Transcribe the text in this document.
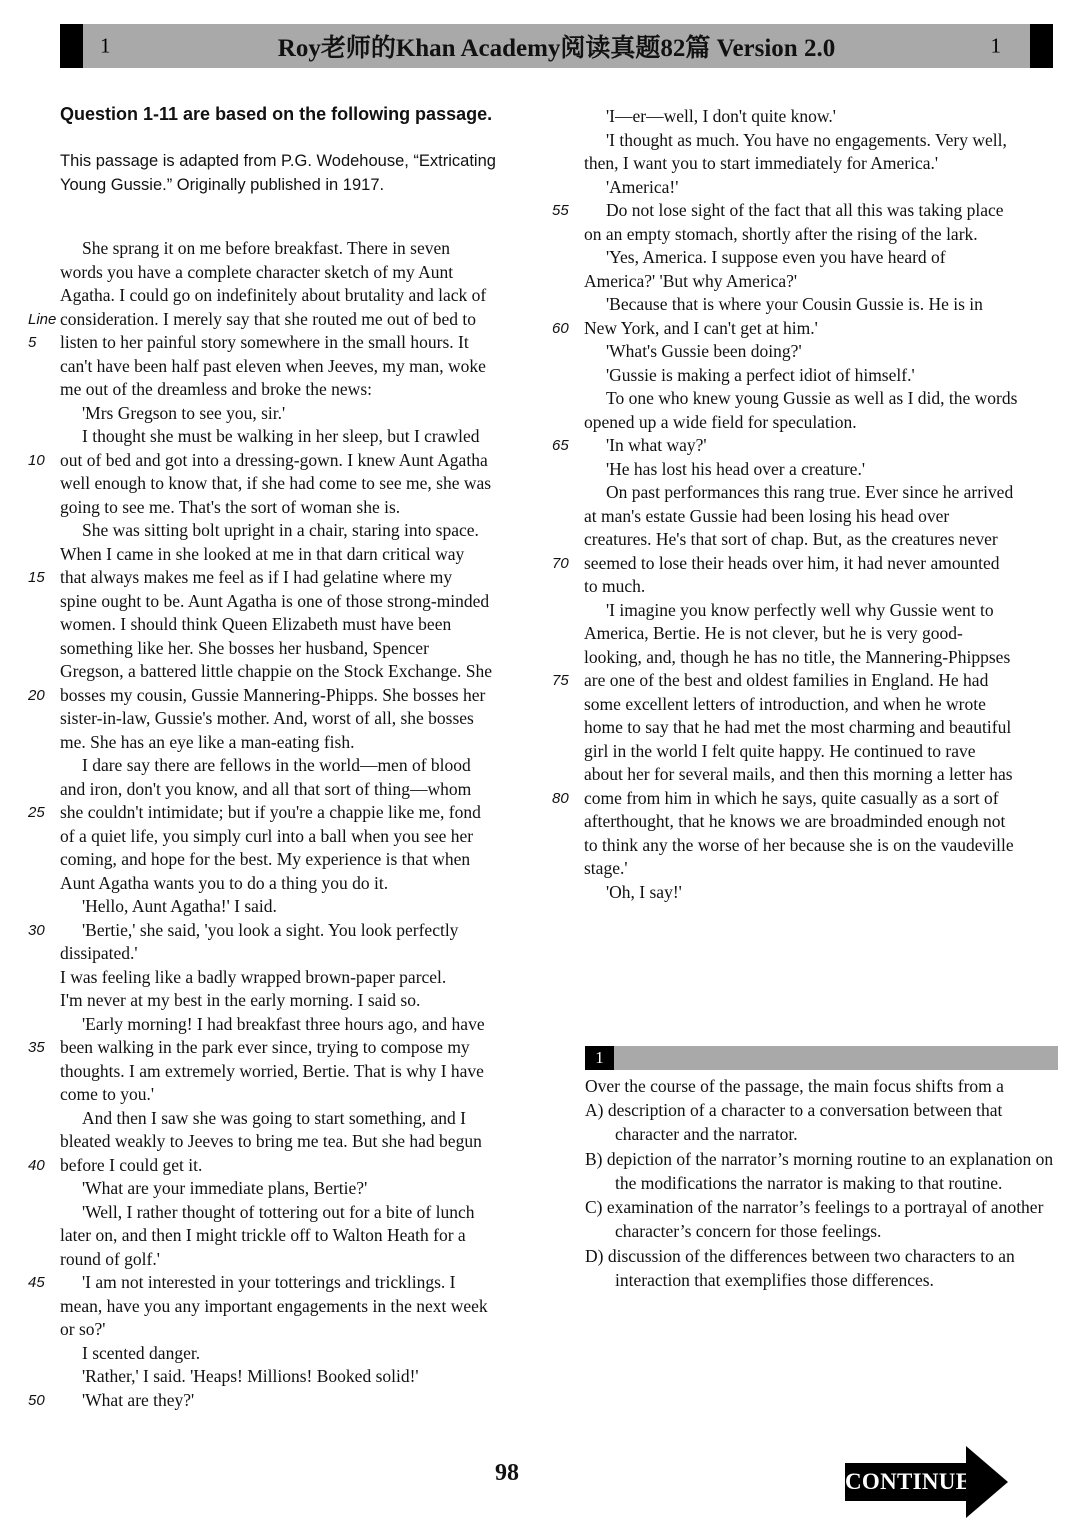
1	Roy老师的Khan Academy阅读真题82篇 Version 2.0	1
Question 1-11 are based on the following passage.
This passage is adapted from P.G. Wodehouse, “Extricating Young Gussie.” Originally published in 1917.
She sprang it on me before breakfast. There in seven
words you have a complete character sketch of my Aunt
Agatha. I could go on indefinitely about brutality and lack of
Line consideration. I merely say that she routed me out of bed to
5	listen to her painful story somewhere in the small hours. It
can't have been half past eleven when Jeeves, my man, woke
me out of the dreamless and broke the news:
'Mrs Gregson to see you, sir.'
I thought she must be walking in her sleep, but I crawled
10 out of bed and got into a dressing-gown. I knew Aunt Agatha
well enough to know that, if she had come to see me, she was
going to see me. That's the sort of woman she is.
She was sitting bolt upright in a chair, staring into space.
When I came in she looked at me in that darn critical way
15 that always makes me feel as if I had gelatine where my
spine ought to be. Aunt Agatha is one of those strong-minded
women. I should think Queen Elizabeth must have been
something like her. She bosses her husband, Spencer
Gregson, a battered little chappie on the Stock Exchange. She
20 bosses my cousin, Gussie Mannering-Phipps. She bosses her
sister-in-law, Gussie's mother. And, worst of all, she bosses
me. She has an eye like a man-eating fish.
I dare say there are fellows in the world—men of blood
and iron, don't you know, and all that sort of thing—whom
25 she couldn't intimidate; but if you're a chappie like me, fond
of a quiet life, you simply curl into a ball when you see her
coming, and hope for the best. My experience is that when
Aunt Agatha wants you to do a thing you do it.
'Hello, Aunt Agatha!' I said.
30	'Bertie,' she said, 'you look a sight. You look perfectly
dissipated.'
I was feeling like a badly wrapped brown-paper parcel.
I'm never at my best in the early morning. I said so.
'Early morning! I had breakfast three hours ago, and have
35 been walking in the park ever since, trying to compose my
thoughts. I am extremely worried, Bertie. That is why I have
come to you.'
And then I saw she was going to start something, and I
bleated weakly to Jeeves to bring me tea. But she had begun
40 before I could get it.
'What are your immediate plans, Bertie?'
'Well, I rather thought of tottering out for a bite of lunch
later on, and then I might trickle off to Walton Heath for a
round of golf.'
45	'I am not interested in your totterings and tricklings. I
mean, have you any important engagements in the next week
or so?'
I scented danger.
'Rather,' I said. 'Heaps! Millions! Booked solid!'
50	'What are they?'
'I—er—well, I don't quite know.'
'I thought as much. You have no engagements. Very well,
then, I want you to start immediately for America.'
'America!'
55	Do not lose sight of the fact that all this was taking place
on an empty stomach, shortly after the rising of the lark.
'Yes, America. I suppose even you have heard of
America?' 'But why America?'
'Because that is where your Cousin Gussie is. He is in
60 New York, and I can't get at him.'
'What's Gussie been doing?'
'Gussie is making a perfect idiot of himself.'
To one who knew young Gussie as well as I did, the words
opened up a wide field for speculation.
65	'In what way?'
'He has lost his head over a creature.'
On past performances this rang true. Ever since he arrived
at man's estate Gussie had been losing his head over
creatures. He's that sort of chap. But, as the creatures never
70 seemed to lose their heads over him, it had never amounted
to much.
'I imagine you know perfectly well why Gussie went to
America, Bertie. He is not clever, but he is very good-
looking, and, though he has no title, the Mannering-Phippses
75 are one of the best and oldest families in England. He had
some excellent letters of introduction, and when he wrote
home to say that he had met the most charming and beautiful
girl in the world I felt quite happy. He continued to rave
about her for several mails, and then this morning a letter has
80 come from him in which he says, quite casually as a sort of
afterthought, that he knows we are broadminded enough not
to think any the worse of her because she is on the vaudeville
stage.'
'Oh, I say!'
1
Over the course of the passage, the main focus shifts from a
A) description of a character to a conversation between that character and the narrator.
B) depiction of the narrator’s morning routine to an explanation on the modifications the narrator is making to that routine.
C) examination of the narrator’s feelings to a portrayal of another character’s concern for those feelings.
D) discussion of the differences between two characters to an interaction that exemplifies those differences.
98	CONTINUE
